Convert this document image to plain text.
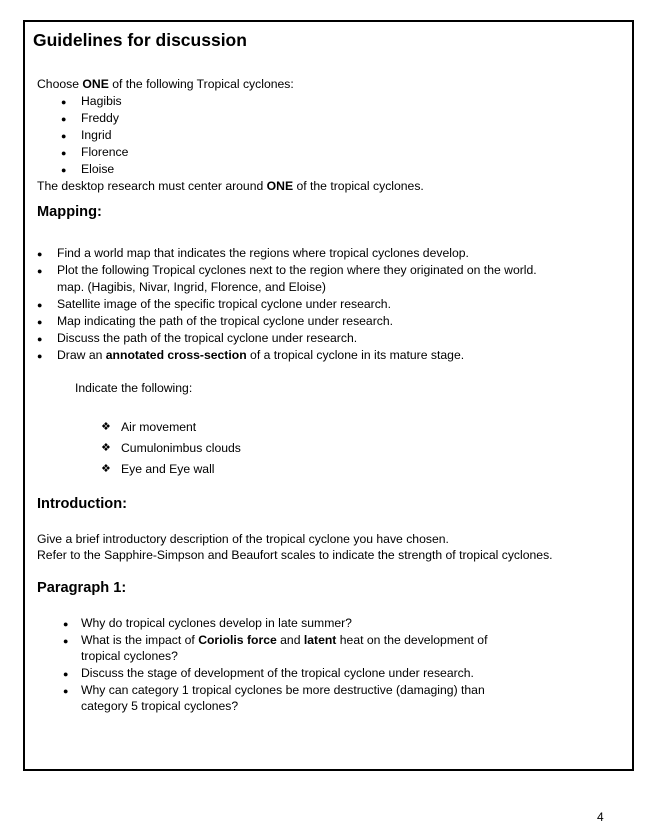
Guidelines for discussion
Choose ONE of the following Tropical cyclones:
● Hagibis
● Freddy
● Ingrid
● Florence
● Eloise
The desktop research must center around ONE of the tropical cyclones.
Mapping:
● Find a world map that indicates the regions where tropical cyclones develop.
● Plot the following Tropical cyclones next to the region where they originated on the world.
map. (Hagibis, Nivar, Ingrid, Florence, and Eloise)
● Satellite image of the specific tropical cyclone under research.
● Map indicating the path of the tropical cyclone under research.
● Discuss the path of the tropical cyclone under research.
● Draw an annotated cross-section of a tropical cyclone in its mature stage.
Indicate the following:
❖ Air movement
❖ Cumulonimbus clouds
❖ Eye and Eye wall
Introduction:
Give a brief introductory description of the tropical cyclone you have chosen.
Refer to the Sapphire-Simpson and Beaufort scales to indicate the strength of tropical cyclones.
Paragraph 1:
● Why do tropical cyclones develop in late summer?
● What is the impact of Coriolis force and latent heat on the development of
tropical cyclones?
● Discuss the stage of development of the tropical cyclone under research.
● Why can category 1 tropical cyclones be more destructive (damaging) than
category 5 tropical cyclones?
4
